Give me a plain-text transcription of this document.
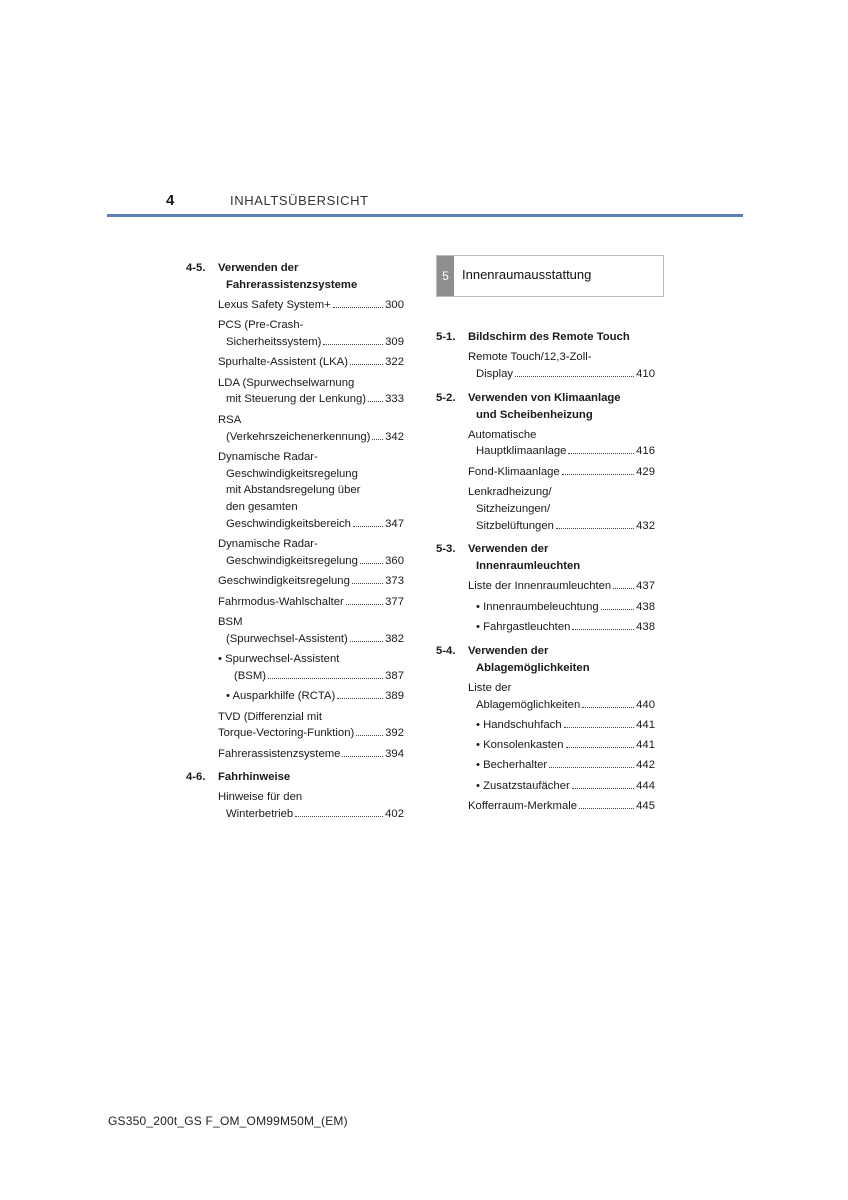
4	INHALTSÜBERSICHT
4-5.	Verwenden der
Fahrerassistenzsysteme
Lexus Safety System+	300
PCS (Pre-Crash-
Sicherheitssystem)	309
Spurhalte-Assistent (LKA)	322
LDA (Spurwechselwarnung
mit Steuerung der Lenkung) 333
RSA
(Verkehrszeichenerkennung) 342
Dynamische Radar-
Geschwindigkeitsregelung
mit Abstandsregelung über
den gesamten
Geschwindigkeitsbereich	347
Dynamische Radar-
Geschwindigkeitsregelung 360
Geschwindigkeitsregelung	373
Fahrmodus-Wahlschalter	377
BSM
(Spurwechsel-Assistent)	382
• Spurwechsel-Assistent
(BSM)	387
• Ausparkhilfe (RCTA)	389
TVD (Differenzial mit
Torque-Vectoring-Funktion)	392
Fahrerassistenzsysteme	394
4-6.	Fahrhinweise
Hinweise für den
Winterbetrieb	402
5	Innenraumausstattung
5-1.	Bildschirm des Remote Touch
Remote Touch/12,3-Zoll-
Display	410
5-2.	Verwenden von Klimaanlage
und Scheibenheizung
Automatische
Hauptklimaanlage	416
Fond-Klimaanlage	429
Lenkradheizung/
Sitzheizungen/
Sitzbelüftungen	432
5-3.	Verwenden der
Innenraumleuchten
Liste der Innenraumleuchten 437
• Innenraumbeleuchtung	438
• Fahrgastleuchten	438
5-4.	Verwenden der
Ablagemöglichkeiten
Liste der
Ablagemöglichkeiten	440
• Handschuhfach	441
• Konsolenkasten	441
• Becherhalter	442
• Zusatzstaufächer	444
Kofferraum-Merkmale	445
GS350_200t_GS F_OM_OM99M50M_(EM)
